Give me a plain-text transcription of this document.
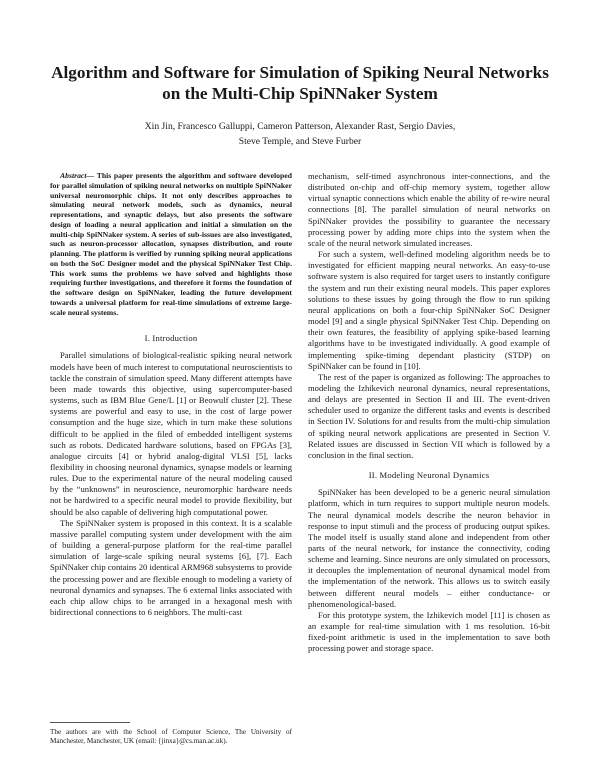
Algorithm and Software for Simulation of Spiking Neural Networks
on the Multi-Chip SpiNNaker System
Xin Jin, Francesco Galluppi, Cameron Patterson, Alexander Rast, Sergio Davies,
Steve Temple, and Steve Furber

Abstract— This paper presents the algorithm and software developed for parallel simulation of spiking neural networks on multiple SpiNNaker universal neuromorphic chips. It not only describes approaches to simulating neural network models, such as dynamics, neural representations, and synaptic delays, but also presents the software design of loading a neural application and initial a simulation on the multi-chip SpiNNaker system. A series of sub-issues are also investigated, such as neuron-processor allocation, synapses distribution, and route planning. The platform is verified by running spiking neural applications on both the SoC Designer model and the physical SpiNNaker Test Chip. This work sums the problems we have solved and highlights those requiring further investigations, and therefore it forms the foundation of the software design on SpiNNaker, leading the future development towards a universal platform for real-time simulations of extreme large-scale neural systems.

I. Introduction

Parallel simulations of biological-realistic spiking neural network models have been of much interest to computational neuroscientists to tackle the constrain of simulation speed. Many different attempts have been made towards this objective, using supercomputer-based systems, such as IBM Blue Gene/L [1] or Beowulf cluster [2]. These systems are powerful and easy to use, in the cost of large power consumption and the huge size, which in turn make these solutions difficult to be applied in the filed of embedded intelligent systems such as robots. Dedicated hardware solutions, based on FPGAs [3], analogue circuits [4] or hybrid analog-digital VLSI [5], lacks flexibility in choosing neuronal dynamics, synapse models or learning rules. Due to the experimental nature of the neural modeling caused by the “unknowns” in neuroscience, neuromorphic hardware needs not be hardwired to a specific neural model to provide flexibility, but should be also capable of delivering high computational power.

The SpiNNaker system is proposed in this context. It is a scalable massive parallel computing system under development with the aim of building a general-purpose platform for the real-time parallel simulation of large-scale spiking neural systems [6], [7]. Each SpiNNaker chip contains 20 identical ARM968 subsystems to provide the processing power and are flexible enough to modeling a variety of neuronal dynamics and synapses. The 6 external links associated with each chip allow chips to be arranged in a hexagonal mesh with bidirectional connections to 6 neighbors. The multi-cast

mechanism, self-timed asynchronous inter-connections, and the distributed on-chip and off-chip memory system, together allow virtual synaptic connections which enable the ability of re-wire neural connections [8]. The parallel simulation of neural networks on SpiNNaker provides the possibility to guarantee the necessary processing power by adding more chips into the system when the scale of the neural network simulated increases.

For such a system, well-defined modeling algorithm needs be to investigated for efficient mapping neural networks. An easy-to-use software system is also required for target users to instantly configure the system and run their existing neural models. This paper explores solutions to these issues by going through the flow to run spiking neural applications on both a four-chip SpiNNaker SoC Designer model [9] and a single physical SpiNNaker Test Chip. Depending on their own features, the feasibility of applying spike-based learning algorithms have to be investigated individually. A good example of implementing spike-timing dependant plasticity (STDP) on SpiNNaker can be found in [10].

The rest of the paper is organized as following: The approaches to modeling the Izhikevich neuronal dynamics, neural representations, and delays are presented in Section II and III. The event-driven scheduler used to organize the different tasks and events is described in Section IV. Solutions for and results from the multi-chip simulation of spiking neural network applications are presented in Section V. Related issues are discussed in Section VII which is followed by a conclusion in the final section.

II. Modeling Neuronal Dynamics

SpiNNaker has been developed to be a generic neural simulation platform, which in turn requires to support multiple neuron models. The neural dynamical models describe the neuron behavior in response to input stimuli and the process of producing output spikes. The model itself is usually stand alone and independent from other parts of the neural network, for instance the connectivity, coding scheme and learning. Since neurons are only simulated on processors, it decouples the implementation of neuronal dynamical model from the implementation of the network. This allows us to switch easily between different neural models – either conductance- or phenomenological-based.

For this prototype system, the Izhikevich model [11] is chosen as an example for real-time simulation with 1 ms resolution. 16-bit fixed-point arithmetic is used in the implementation to save both processing power and storage space.

The authors are with the School of Computer Science, The University of Manchester, Manchester, UK (email: {jinxa}@cs.man.ac.uk).
